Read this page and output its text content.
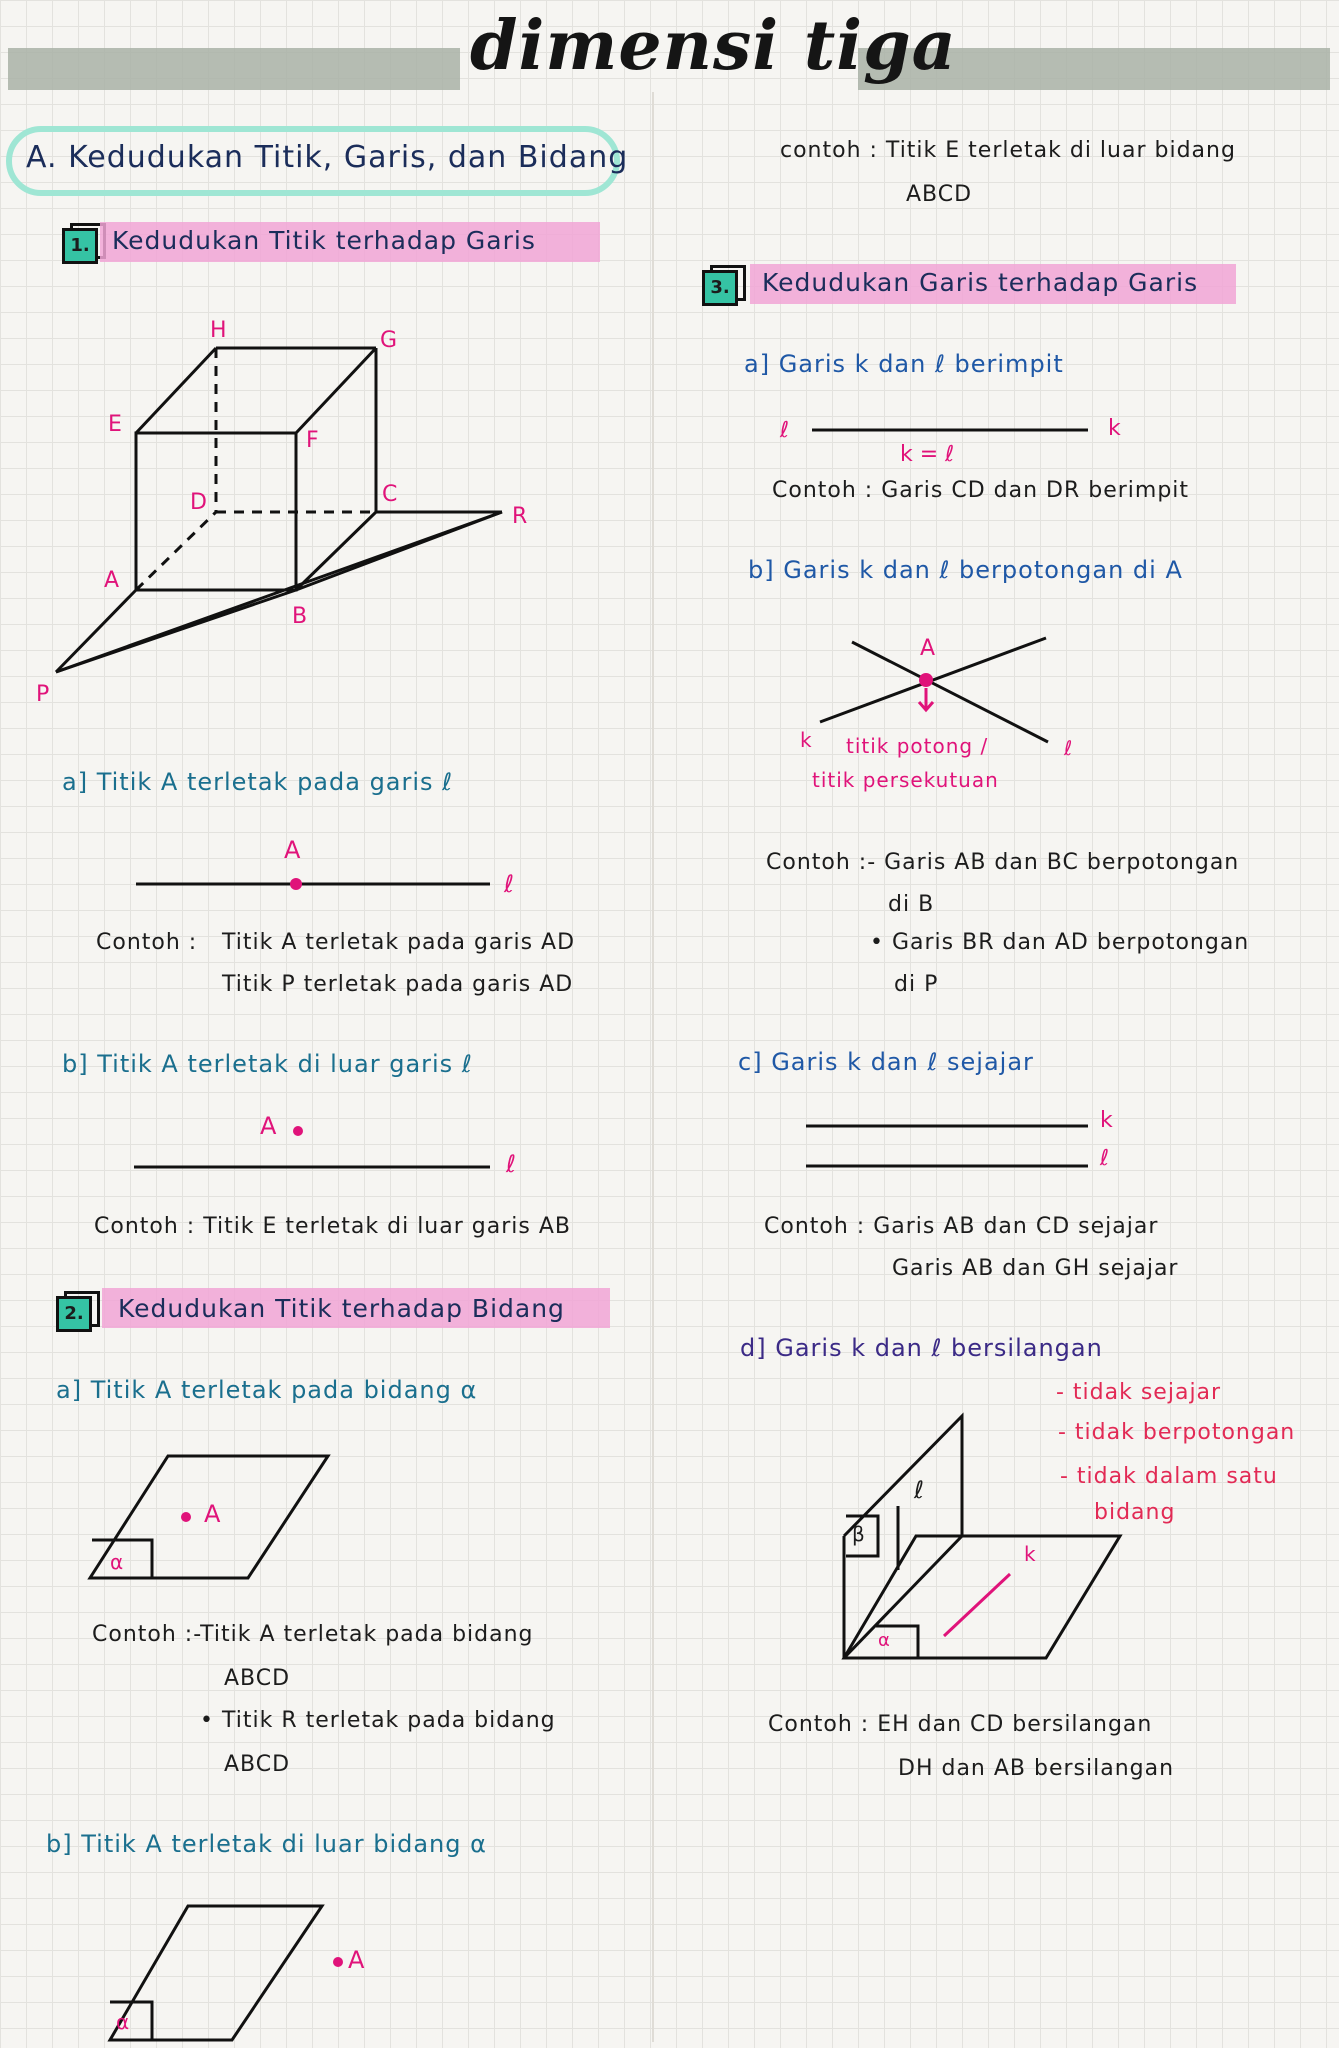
dimensi tiga
A. Kedudukan Titik, Garis, dan Bidang
1. Kedudukan Titik terhadap Garis
H	G
E
F
D	C
A
B
P
R
a] Titik A terletak pada garis ℓ
A
ℓ
Contoh : Titik A terletak pada garis AD
Titik P terletak pada garis AD
b] Titik A terletak di luar garis ℓ
A
ℓ
Contoh : Titik E terletak di luar garis AB
2.	Kedudukan Titik terhadap Bidang
a] Titik A terletak pada bidang α
A
α
Contoh :-Titik A terletak pada bidang
ABCD
• Titik R terletak pada bidang
ABCD
b] Titik A terletak di luar bidang α
A
α
contoh : Titik E terletak di luar bidang
ABCD
3.	Kedudukan Garis terhadap Garis
a] Garis k dan ℓ berimpit
ℓ	k
k = ℓ
Contoh : Garis CD dan DR berimpit
b] Garis k dan ℓ berpotongan di A
A
k	ℓ
titik potong /
titik persekutuan
Contoh :- Garis AB dan BC berpotongan
di B
• Garis BR dan AD berpotongan
di P
c] Garis k dan ℓ sejajar
k
ℓ
Contoh : Garis AB dan CD sejajar
Garis AB dan GH sejajar
d] Garis k dan ℓ bersilangan
- tidak sejajar
- tidak berpotongan
- tidak dalam satu
bidang
β
ℓ
k
α
Contoh : EH dan CD bersilangan
DH dan AB bersilangan
